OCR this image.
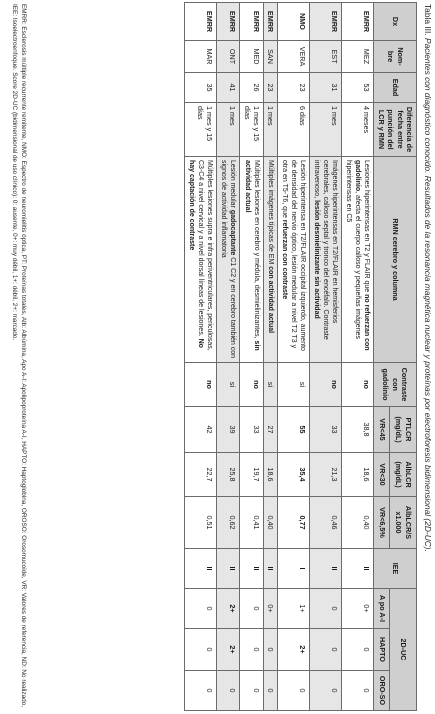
Tabla III. Pacientes con diagnóstico conocido. Resultados de la resonancia magnética nuclear y proteínas por electroforesis bidimensional (2D-UC).
Dx	Nom-bre	Edad	Diferencia de fecha entre punción del LCR y RMN	RMN cerebro y columna	Contraste con gadolinio	PTLCR (mg/dL)	AlbLCR (mg/dL)	AlbLCR/S x1.000	IEE	2D-UC		
						VR<45	VR<30	VR<6,5%		A po A-I	HAPTO	ORO-SO
EMRR	MEZ	53	4 meses	Lesiones hiperintensas en T2 y FLAIR que no refuerzan con gadolinio, afecta el cuerpo calloso y pequeñas imágenes hiperintensas en C5	no	38,8	18,6	0,40	II	0+	0	0
EMRR	EST	31	1 mes	Imágenes hiperintensas en T2/FLAIR en hemisferios cerebrales, calloso septal y tronco del encéfalo. Contraste intravenoso, lesión desmielinizante sin actividad	no	33	21,3	0,46	II	0	0	0
NMO	VERA	23	6 días	Lesión hiperintensa en T2/FLAIR occipital izquierdo, aumento de densidad del nervio óptico, lesión medular a nivel T2 T3 y otra en T5-T6, que refuerzan con contraste	sí	55	35,4	0,77	I	1+	2+	0
EMRR	SAN	23	1 mes	Múltiples imágenes típicas de EM con actividad actual	sí	27	18,6	0,40	II	0+	0	0
EMRR	MED	26	1 mes y 15 días	Múltiples lesiones en cerebro y médula, desmielinizantes, sin actividad actual	no	33	19,7	0,41	II	0	0	0
EMRR	ONT	41	1 mes	Lesión medular gadocaptante C1 C2 y en cerebro también con signos de actividad inflamatoria	sí	39	25,8	0,62	II	2+	2+	0
EMRR	MAR	35	1 mes y 15 días	Múltiples lesiones supra e infra periventriculares, periculosas, C3-C4 a nivel cervical y a nivel dorsal líneas de lesiones. No hay captación de contraste	no	42	22,7	0,51	II	0	0	0
EMRR: Esclerosis múltiple recurrente remitente, NMO: Espectro de neuromielitis óptica, PT: Proteínas totales, Alb: Albúmina, Apo A-I: Apolipoproteína A-I, HAPTO: Haptoglobina, OROSO: Orosomucoide, VR: Valores de referencia, ND: No realizado, IEE: Isoelectroenfoque. Score 2D-UC (bidimensional de uso clínico): 0: ausente, 0+: muy débil, 1+: débil, 2+: marcado.
